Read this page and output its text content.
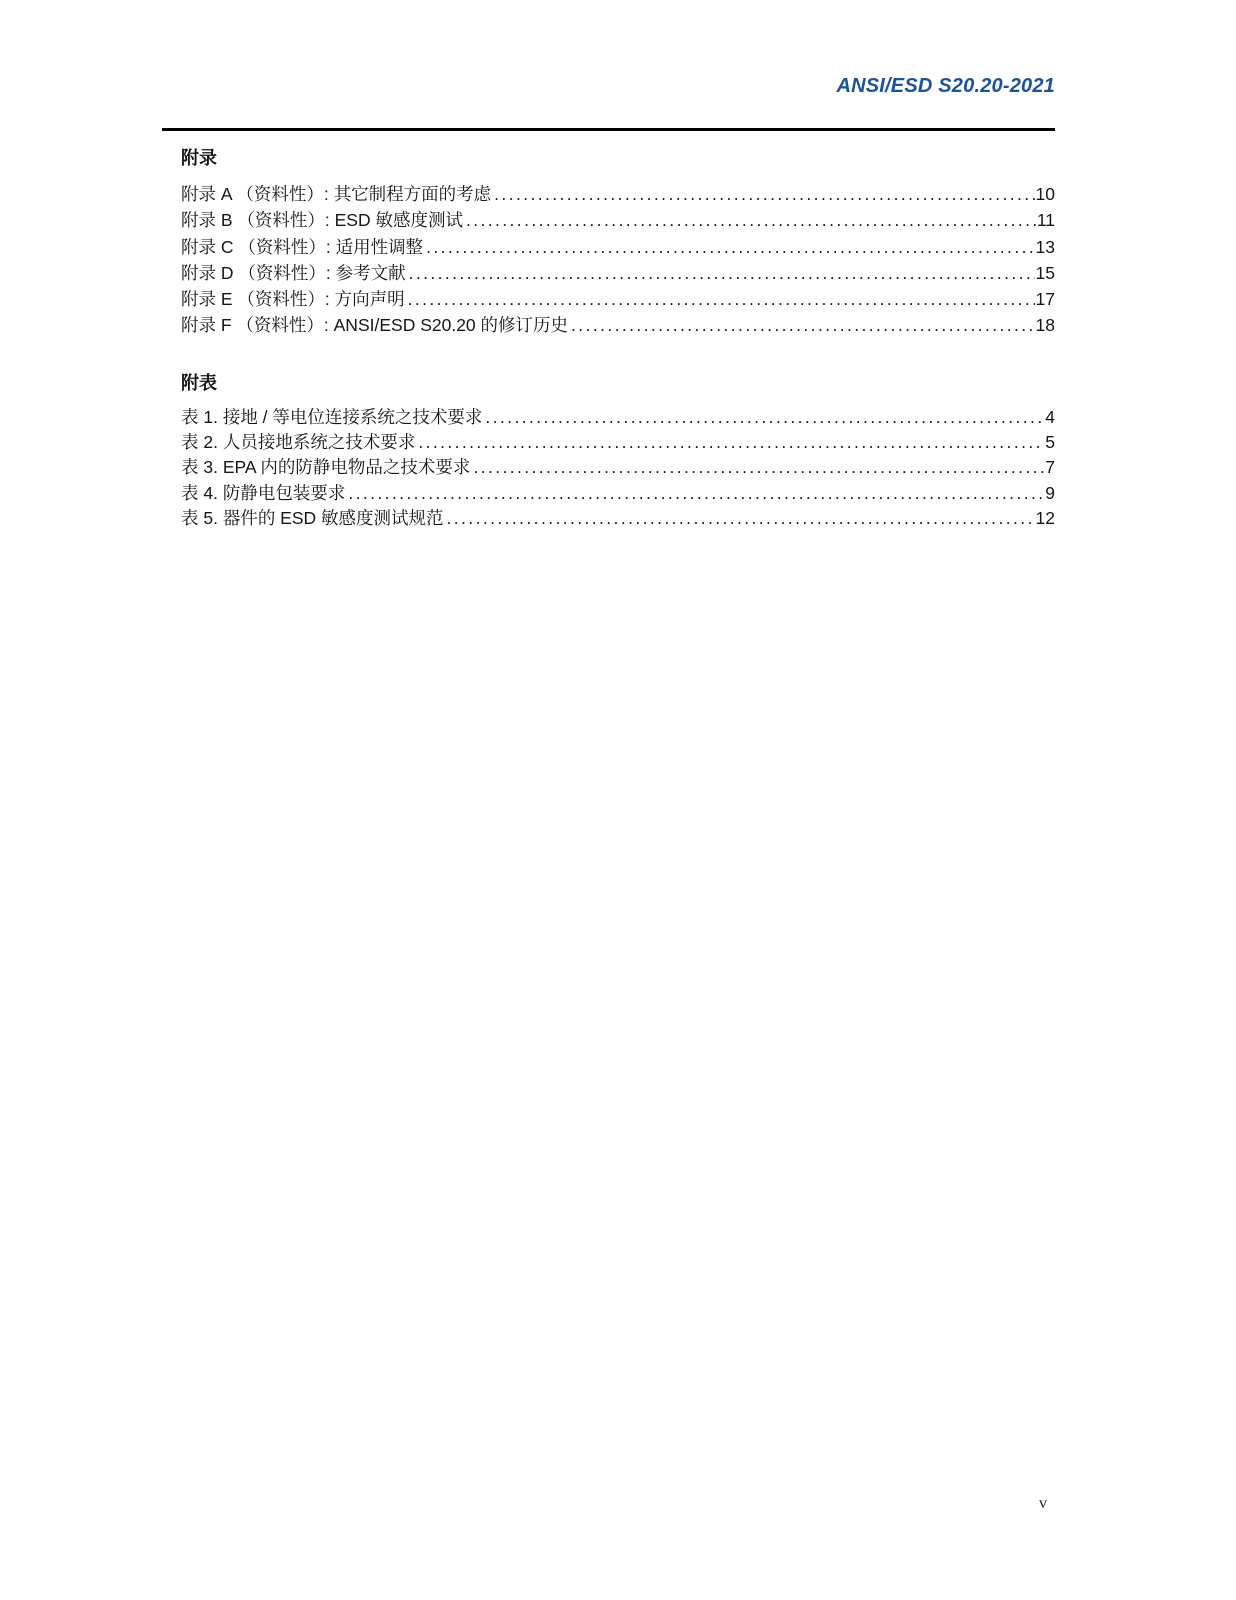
ANSI/ESD S20.20-2021
附录
附录 A （资料性）: 其它制程方面的考虑 .....	10
附录 B （资料性）: ESD 敏感度测试 .....	11
附录 C （资料性）: 适用性调整 .....	13
附录 D （资料性）: 参考文献 .....	15
附录 E （资料性）: 方向声明 .....	17
附录 F （资料性）: ANSI/ESD S20.20 的修订历史 .....	18
附表
表 1. 接地 / 等电位连接系统之技术要求 .....	4
表 2. 人员接地系统之技术要求 .....	5
表 3. EPA 内的防静电物品之技术要求 .....	7
表 4. 防静电包装要求 .....	9
表 5. 器件的 ESD 敏感度测试规范 .....	12
v
